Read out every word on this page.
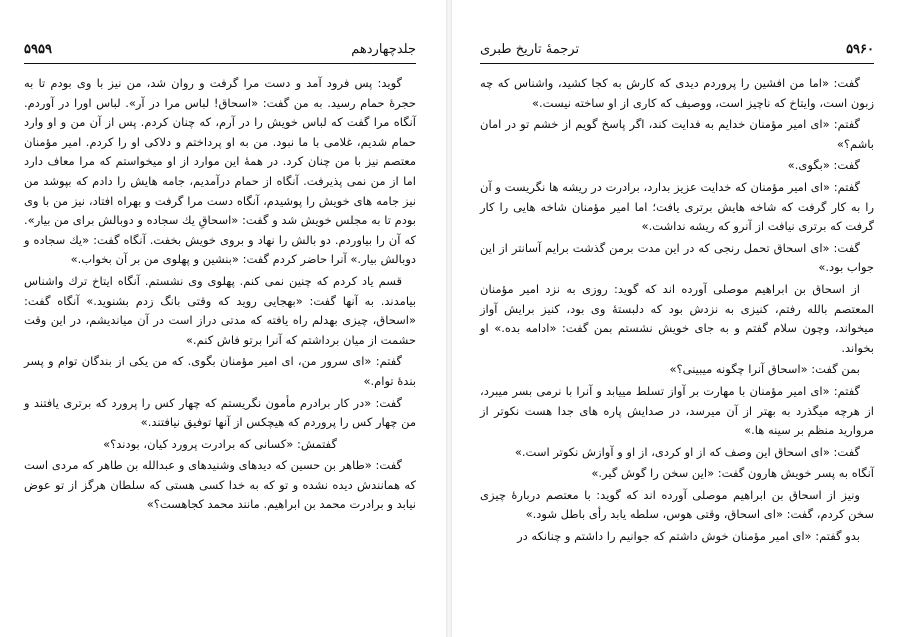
۵۹۵۹	جلدچهاردهم

گوید: پس فرود آمد و دست مرا گرفت و روان شد، من نیز با وی بودم تا به حجرۀ حمام رسید. به من گفت: «اسحاق! لباس مرا در آر». لباس اورا در آوردم. آنگاه مرا گفت که لباس خویش را در آرم، که چنان کردم. پس از آن من و او وارد حمام شدیم، غلامی با ما نبود. من به او پرداختم و دلاکی او را کردم. امیر مؤمنان معتصم نیز با من چنان کرد. در همۀ این موارد از او میخواستم که مرا معاف دارد اما از من نمی پذیرفت. آنگاه از حمام درآمدیم، جامه هایش را دادم که بپوشد من نیز جامه های خویش را پوشیدم، آنگاه دست مرا گرفت و بهراه افتاد، نیز من با وی بودم تا به مجلس خویش شد و گفت: «اسحاقِ یك سجاده و دوبالش برای من بیار». که آن را بیاوردم. دو بالش را نهاد و بروی خویش بخفت. آنگاه گفت: «یك سجاده و دوبالش بیار.» آنرا حاضر کردم گفت: «بنشین و پهلوی من بر آن بخواب.»

قسم یاد کردم که چنین نمی کنم. پهلوی وی نشستم. آنگاه ایتاخ ترك واشناس بیامدند. به آنها گفت: «بهجایی روید که وقتی بانگ زدم بشنوید.» آنگاه گفت: «اسحاق، چیزی بهدلم راه یافته که مدتی دراز است در آن میاندیشم، در این وقت حشمت از میان برداشتم که آنرا برتو فاش کنم.»

گفتم: «ای سرور من، ای امیر مؤمنان بگوی. که من یکی از بندگان توام و پسر بندۀ توام.»

گفت: «در کار برادرم مأمون نگریستم که چهار کس را پرورد که برتری یافتند و من چهار کس را پروردم که هیچکس از آنها توفیق نیافتند.»

گفتمش: «کسانی که برادرت پرورد کیان، بودند؟»

گفت: «طاهر بن حسین که دیدهای وشنیدهای و عبدالله بن طاهر که مردی است که همانندش دیده نشده و تو که به خدا کسی هستی که سلطان هرگز از تو عوض نیابد و برادرت محمد بن ابراهیم. مانند محمد کجاهست؟»

ترجمۀ تاریخ طبری	۵۹۶۰

گفت: «اما من افشین را پروردم دیدی که کارش به کجا کشید، واشناس که چه زبون است، وایتاخ که ناچیز است، ووصیف که کاری از او ساخته نیست.»

گفتم: «ای امیر مؤمنان خدایم به فدایت کند، اگر پاسخ گویم از خشم تو در امان باشم؟»

گفت: «بگوی.»

گفتم: «ای امیر مؤمنان که خدایت عزیز بدارد، برادرت در ریشه ها نگریست و آن را به کار گرفت که شاخه هایش برتری یافت؛ اما امیر مؤمنان شاخه هایی را کار گرفت که برتری نیافت از آنرو که ریشه نداشت.»

گفت: «ای اسحاق تحمل رنجی که در این مدت برمن گذشت برایم آسانتر از این جواب بود.»

از اسحاق بن ابراهیم موصلی آورده اند که گوید: روزی به نزد امیر مؤمنان المعتصم بالله رفتم، کنیزی به نزدش بود که دلبستۀ وی بود، کنیز برایش آواز میخواند، وچون سلام گفتم و به جای خویش نشستم بمن گفت: «ادامه بده.» او بخواند.

بمن گفت: «اسحاق آنرا چگونه میبینی؟»

گفتم: «ای امیر مؤمنان با مهارت بر آواز تسلط مییابد و آنرا با نرمی بسر میبرد، از هرچه میگذرد به بهتر از آن میرسد، در صدایش پاره های جدا هست نکوتر از مروارید منظم بر سینه ها.»

گفت: «ای اسحاق این وصف که از او کردی، از او و آوازش نکوتر است.»

آنگاه به پسر خویش هارون گفت: «این سخن را گوش گیر.»

ونیز از اسحاق بن ابراهیم موصلی آورده اند که گوید: با معتصم دربارۀ چیزی سخن کردم، گفت: «ای اسحاق، وقتی هوس، سلطه یابد رأی باطل شود.»

بدو گفتم: «ای امیر مؤمنان خوش داشتم که جوانیم را داشتم و چنانکه در
